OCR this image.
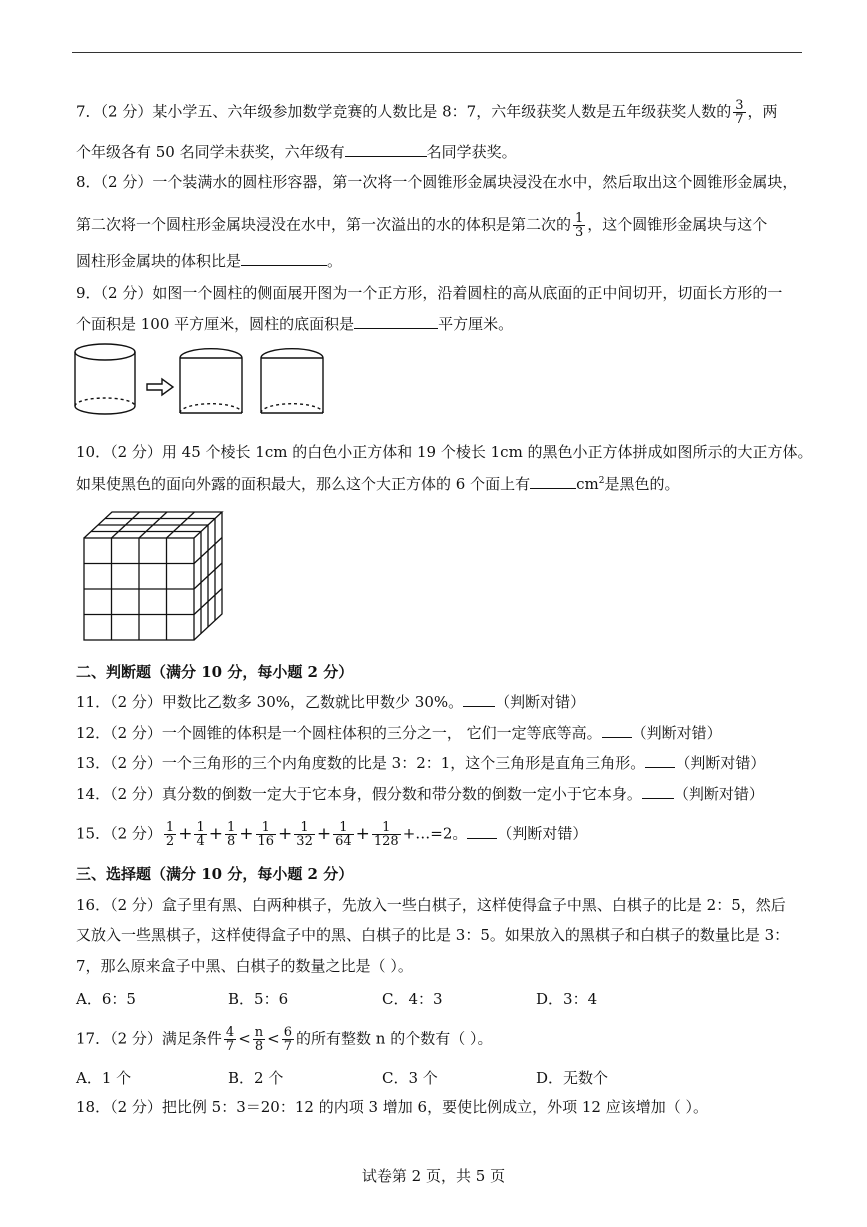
7．（2 分）某小学五、六年级参加数学竞赛的人数比是 8：7，六年级获奖人数是五年级获奖人数的 $\frac{3}{7}$ ，两
个年级各有 50 名同学未获奖，六年级有	名同学获奖。
8．（2 分）一个装满水的圆柱形容器，第一次将一个圆锥形金属块浸没在水中，然后取出这个圆锥形金属块，
第二次将一个圆柱形金属块浸没在水中，第一次溢出的水的体积是第二次的 $\frac{1}{3}$ ，这个圆锥形金属块与这个
圆柱形金属块的体积比是	。
9．（2 分）如图一个圆柱的侧面展开图为一个正方形，沿着圆柱的高从底面的正中间切开，切面长方形的一
个面积是 100 平方厘米，圆柱的底面积是	平方厘米。
10．（2 分）用 45 个棱长 1cm 的白色小正方体和 19 个棱长 1cm 的黑色小正方体拼成如图所示的大正方体。
如果使黑色的面向外露的面积最大，那么这个大正方体的 6 个面上有	$cm^2$是黑色的。
二、判断题（满分 10 分，每小题 2 分）
11．（2 分）甲数比乙数多 30%，乙数就比甲数少 30%。 （判断对错）
12．（2 分）一个圆锥的体积是一个圆柱体积的三分之一， 它们一定等底等高。 （判断对错）
13．（2 分）一个三角形的三个内角度数的比是 3：2：1，这个三角形是直角三角形。 （判断对错）
14．（2 分）真分数的倒数一定大于它本身，假分数和带分数的倒数一定小于它本身。 （判断对错）
15．（2 分） $\frac{1}{2} + \frac{1}{4} + \frac{1}{8} + \frac{1}{16} + \frac{1}{32} + \frac{1}{64} + \frac{1}{128}$ +…=2。 （判断对错）
三、选择题（满分 10 分，每小题 2 分）
16．（2 分）盒子里有黑、白两种棋子，先放入一些白棋子，这样使得盒子中黑、白棋子的比是 2：5，然后
又放入一些黑棋子，这样使得盒子中的黑、白棋子的比是 3：5。如果放入的黑棋子和白棋子的数量比是 3：
7，那么原来盒子中黑、白棋子的数量之比是（ ）。
A．6：5	B．5：6	C．4：3	D．3：4
17．（2 分）满足条件 $\frac{4}{7} < \frac{n}{8} < \frac{6}{7}$ 的所有整数 n 的个数有（ ）。
A．1 个	B．2 个	C．3 个	D．无数个
18．（2 分）把比例 5：3＝20：12 的内项 3 增加 6，要使比例成立，外项 12 应该增加（ ）。
试卷第 2 页，共 5 页
